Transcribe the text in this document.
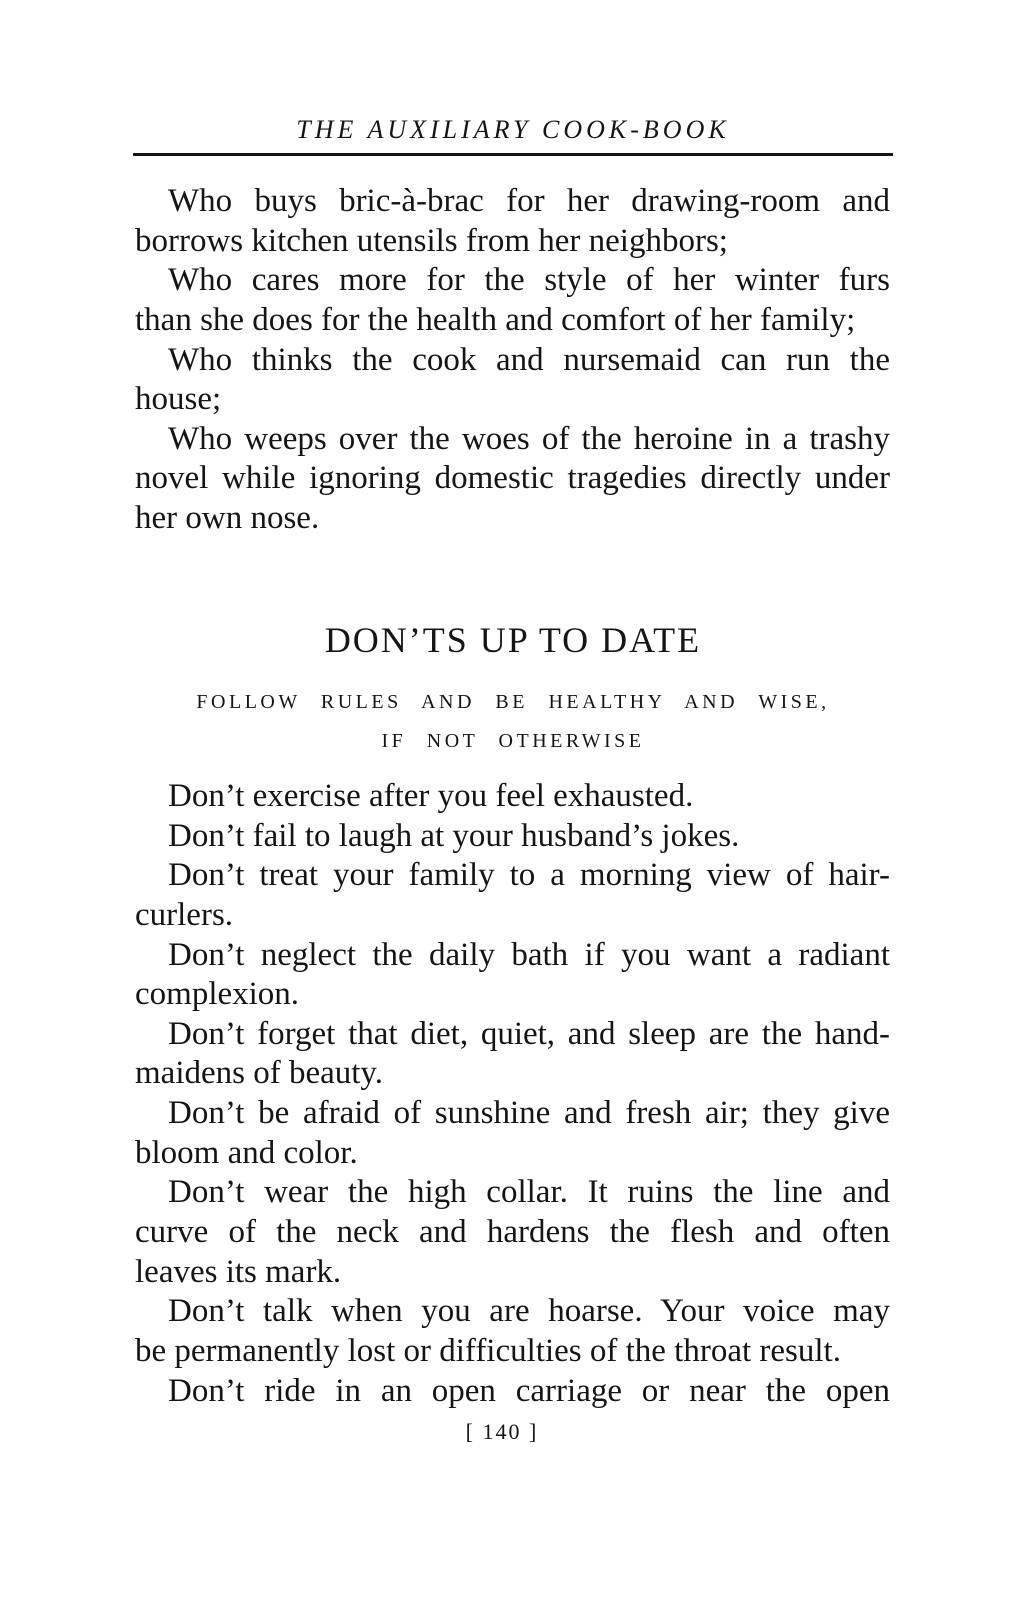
THE AUXILIARY COOK-BOOK
Who buys bric-à-brac for her drawing-room and
borrows kitchen utensils from her neighbors;
Who cares more for the style of her winter furs
than she does for the health and comfort of her family;
Who thinks the cook and nursemaid can run the
house;
Who weeps over the woes of the heroine in a trashy
novel while ignoring domestic tragedies directly under
her own nose.
DON’TS UP TO DATE
FOLLOW RULES AND BE HEALTHY AND WISE,
IF NOT OTHERWISE
Don’t exercise after you feel exhausted.
Don’t fail to laugh at your husband’s jokes.
Don’t treat your family to a morning view of hair-
curlers.
Don’t neglect the daily bath if you want a radiant
complexion.
Don’t forget that diet, quiet, and sleep are the hand-
maidens of beauty.
Don’t be afraid of sunshine and fresh air; they give
bloom and color.
Don’t wear the high collar. It ruins the line and
curve of the neck and hardens the flesh and often
leaves its mark.
Don’t talk when you are hoarse. Your voice may
be permanently lost or difficulties of the throat result.
Don’t ride in an open carriage or near the open
[ 140 ]
